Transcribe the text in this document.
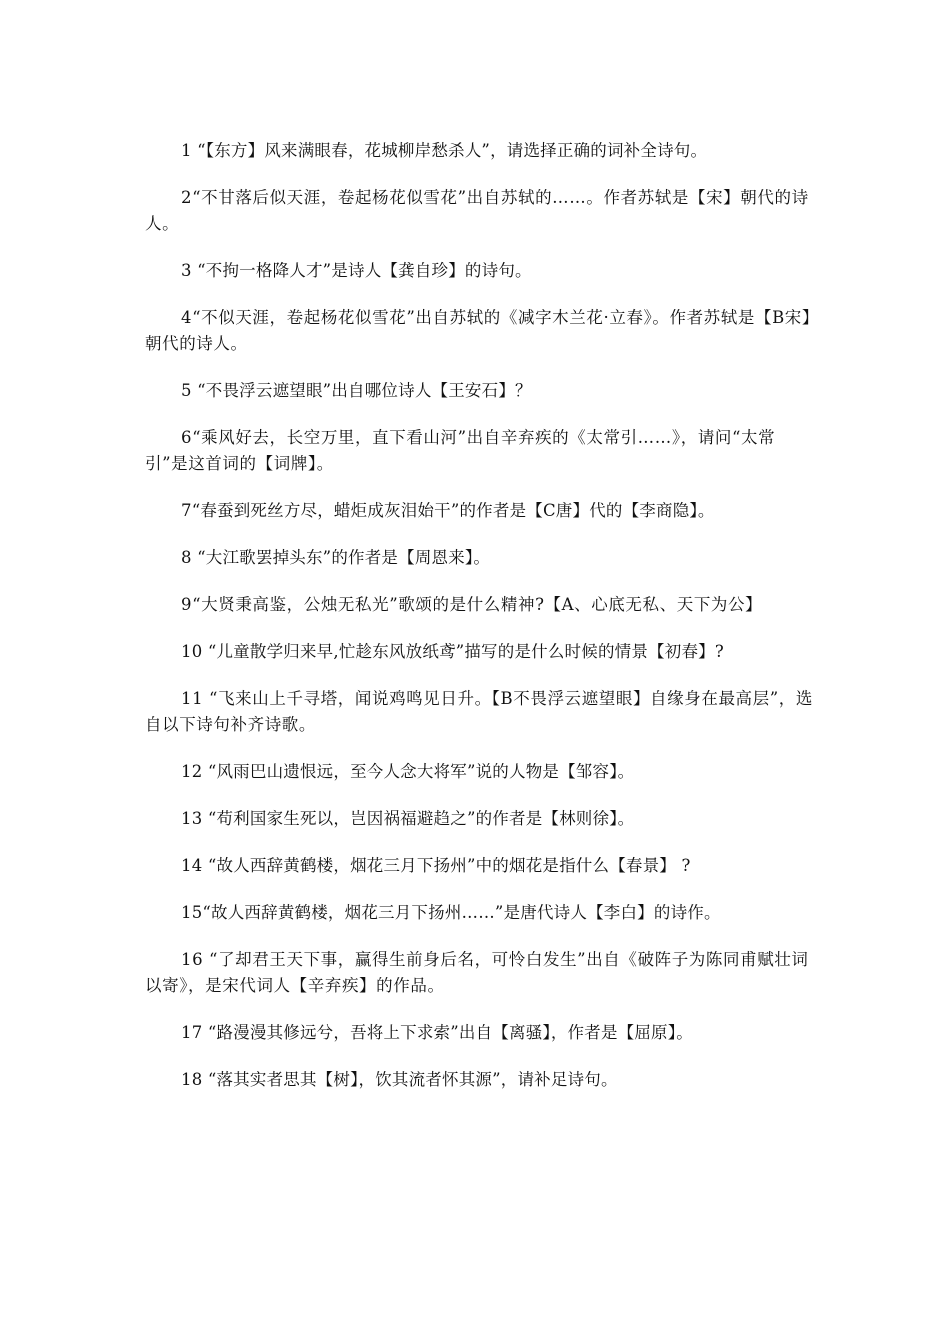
1 “【东方】风来满眼春，花城柳岸愁杀人”，请选择正确的词补全诗句。

2“不甘落后似天涯，卷起杨花似雪花”出自苏轼的……。作者苏轼是【宋】朝代的诗人。

3 “不拘一格降人才”是诗人【龚自珍】的诗句。

4“不似天涯，卷起杨花似雪花”出自苏轼的《减字木兰花·立春》。作者苏轼是【B宋】朝代的诗人。

5 “不畏浮云遮望眼”出自哪位诗人【王安石】？

6“乘风好去，长空万里，直下看山河”出自辛弃疾的《太常引……》，请问“太常引”是这首词的【词牌】。

7“春蚕到死丝方尽，蜡炬成灰泪始干”的作者是【C唐】代的【李商隐】。

8 “大江歌罢掉头东”的作者是【周恩来】。

9“大贤秉高鉴，公烛无私光”歌颂的是什么精神?【A、心底无私、天下为公】

10 “儿童散学归来早,忙趁东风放纸鸢”描写的是什么时候的情景【初春】?

11 “飞来山上千寻塔，闻说鸡鸣见日升。【B不畏浮云遮望眼】自缘身在最高层”，选自以下诗句补齐诗歌。

12 “风雨巴山遗恨远，至今人念大将军”说的人物是【邹容】。

13 “苟利国家生死以，岂因祸福避趋之”的作者是【林则徐】。

14 “故人西辞黄鹤楼，烟花三月下扬州”中的烟花是指什么【春景】 ?

15“故人西辞黄鹤楼，烟花三月下扬州……”是唐代诗人【李白】的诗作。

16 “了却君王天下事，赢得生前身后名，可怜白发生”出自《破阵子为陈同甫赋壮词以寄》，是宋代词人【辛弃疾】的作品。

17 “路漫漫其修远兮，吾将上下求索”出自【离骚】，作者是【屈原】。

18 “落其实者思其【树】，饮其流者怀其源”，请补足诗句。
